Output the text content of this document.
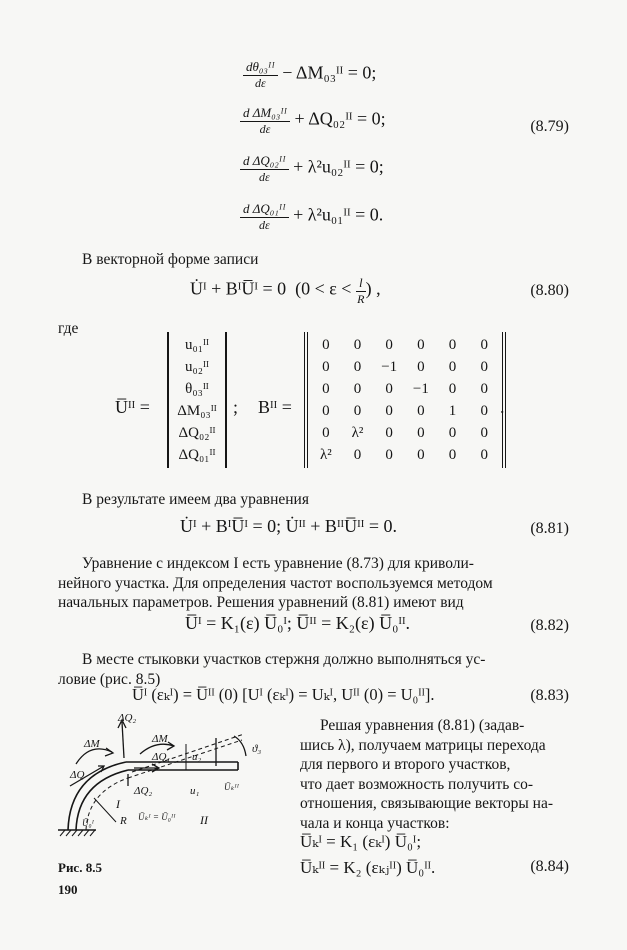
$\frac{\text{dθ₀₃ᴵᴵ}}{d\varepsilon}$ − ΔM₀₃ᴵᴵ = 0;
$\frac{\text{d ΔM₀₃ᴵᴵ}}{d\varepsilon}$ + ΔQ₀₂ᴵᴵ = 0;	(8.79)
$\frac{\text{d ΔQ₀₂ᴵᴵ}}{d\varepsilon}$ + λ²u₀₂ᴵᴵ = 0;
$\frac{\text{d ΔQ₀₁ᴵᴵ}}{d\varepsilon}$ + λ²u₀₁ᴵᴵ = 0.
В векторной форме записи
U̇ᴵ + BᴵU̅ᴵ = 0 ($0 < \varepsilon < \frac{l}{R}$ ) ,	(8.80)
где
U̅ᴵᴵ =
u₀₁ᴵᴵ
u₀₂ᴵᴵ
θ₀₃ᴵᴵ
ΔM₀₃ᴵᴵ
ΔQ₀₂ᴵᴵ
ΔQ₀₁ᴵᴵ
; Bᴵᴵ =
0	0	0	0	0	0
0	0	−1	0	0	0
0	0	0	−1	0	0
0	0	0	0	1	0
0	λ²	0	0	0	0
λ²	0	0	0	0	0
.
В результате имеем два уравнения
U̇ᴵ + BᴵU̅ᴵ = 0; U̇ᴵᴵ + BᴵᴵU̅ᴵᴵ = 0.	(8.81)
Уравнение с индексом I есть уравнение (8.73) для криволи-
нейного участка. Для определения частот воспользуемся методом
начальных параметров. Решения уравнений (8.81) имеют вид
U̅ᴵ = K₁(ε) U̅₀ᴵ; U̅ᴵᴵ = K₂(ε) U̅₀ᴵᴵ.	(8.82)
В месте стыковки участков стержня должно выполняться ус-
ловие (рис. 8.5)
U̅ᴵ (εₖᴵ) = U̅ᴵᴵ (0) [Uᴵ (εₖᴵ) = Uₖᴵ, Uᴵᴵ (0) = U₀ᴵᴵ].	(8.83)
ΔQ₂
ΔM
ΔQ
ΔM
ΔQ₁
ΔQ₂
u₂
u₁
ϑ₃
I
II
R
Ūₖᴵᴵ
Ūₖᴵ = Ū₀ᴵᴵ
Ū₀ᴵ
Рис. 8.5
190
Решая уравнения (8.81) (задав-
шись λ), получаем матрицы перехода
для первого и второго участков,
что дает возможность получить со-
отношения, связывающие векторы на-
чала и конца участков:
U̅ₖᴵ = K₁ (εₖᴵ) U̅₀ᴵ;
U̅ₖᴵᴵ = K₂ (εₖⱼᴵᴵ) U̅₀ᴵᴵ.	(8.84)
